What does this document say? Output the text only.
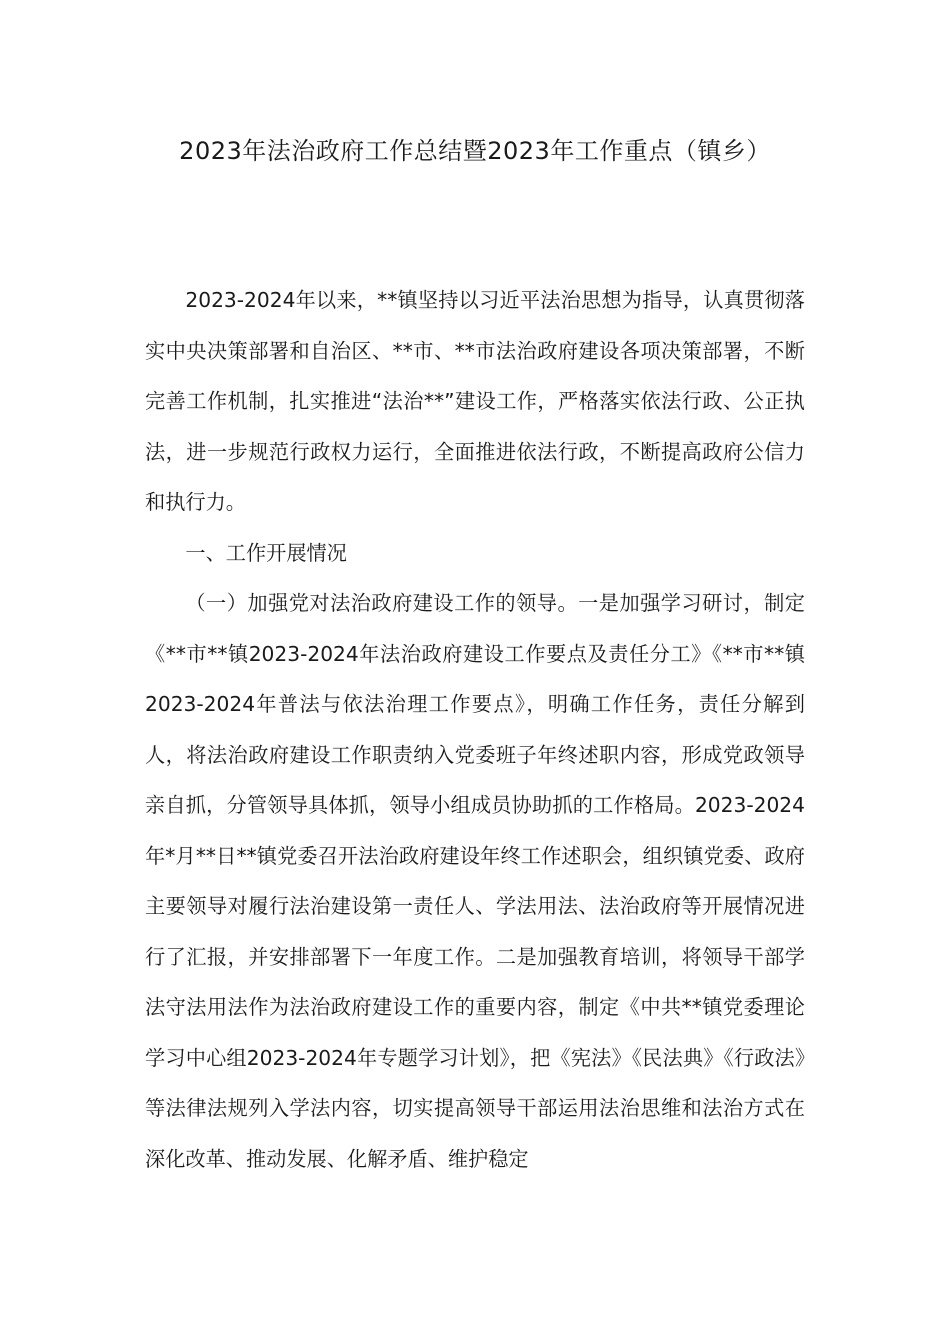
2023年法治政府工作总结暨2023年工作重点（镇乡）

2023-2024年以来，**镇坚持以习近平法治思想为指导，认真贯彻落实中央决策部署和自治区、**市、**市法治政府建设各项决策部署，不断完善工作机制，扎实推进“法治**”建设工作，严格落实依法行政、公正执法，进一步规范行政权力运行，全面推进依法行政，不断提高政府公信力和执行力。

一、工作开展情况

（一）加强党对法治政府建设工作的领导。一是加强学习研讨，制定《**市**镇2023-2024年法治政府建设工作要点及责任分工》《**市**镇2023-2024年普法与依法治理工作要点》，明确工作任务，责任分解到人，将法治政府建设工作职责纳入党委班子年终述职内容，形成党政领导亲自抓，分管领导具体抓，领导小组成员协助抓的工作格局。2023-2024年*月**日**镇党委召开法治政府建设年终工作述职会，组织镇党委、政府主要领导对履行法治建设第一责任人、学法用法、法治政府等开展情况进行了汇报，并安排部署下一年度工作。二是加强教育培训，将领导干部学法守法用法作为法治政府建设工作的重要内容，制定《中共**镇党委理论学习中心组2023-2024年专题学习计划》，把《宪法》《民法典》《行政法》等法律法规列入学法内容，切实提高领导干部运用法治思维和法治方式在深化改革、推动发展、化解矛盾、维护稳定
